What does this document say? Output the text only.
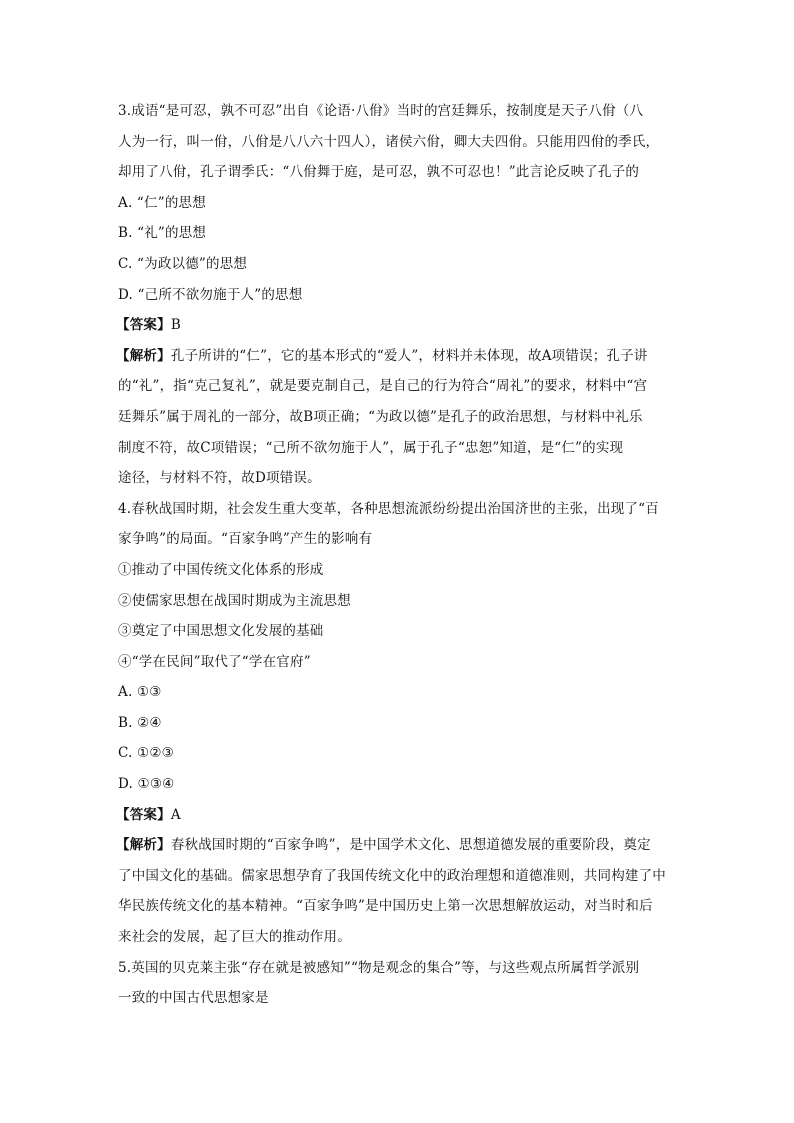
3.成语“是可忍，孰不可忍”出自《论语·八佾》当时的宫廷舞乐，按制度是天子八佾（八
人为一行，叫一佾，八佾是八八六十四人），诸侯六佾，卿大夫四佾。只能用四佾的季氏，
却用了八佾，孔子谓季氏：“八佾舞于庭，是可忍，孰不可忍也！”此言论反映了孔子的
A. “仁”的思想
B. “礼”的思想
C. “为政以德”的思想
D. “己所不欲勿施于人”的思想
【答案】B
【解析】孔子所讲的“仁”，它的基本形式的“爱人”，材料并未体现，故A项错误；孔子讲
的“礼”，指“克己复礼”，就是要克制自己，是自己的行为符合“周礼”的要求，材料中“宫
廷舞乐”属于周礼的一部分，故B项正确；“为政以德”是孔子的政治思想，与材料中礼乐
制度不符，故C项错误；“己所不欲勿施于人”，属于孔子“忠恕”知道，是“仁”的实现
途径，与材料不符，故D项错误。
4.春秋战国时期，社会发生重大变革，各种思想流派纷纷提出治国济世的主张，出现了“百
家争鸣”的局面。“百家争鸣”产生的影响有
①推动了中国传统文化体系的形成
②使儒家思想在战国时期成为主流思想
③奠定了中国思想文化发展的基础
④“学在民间”取代了“学在官府”
A. ①③
B. ②④
C. ①②③
D. ①③④
【答案】A
【解析】春秋战国时期的“百家争鸣”，是中国学术文化、思想道德发展的重要阶段，奠定
了中国文化的基础。儒家思想孕育了我国传统文化中的政治理想和道德准则，共同构建了中
华民族传统文化的基本精神。“百家争鸣”是中国历史上第一次思想解放运动，对当时和后
来社会的发展，起了巨大的推动作用。
5.英国的贝克莱主张“存在就是被感知”“物是观念的集合”等，与这些观点所属哲学派别
一致的中国古代思想家是
